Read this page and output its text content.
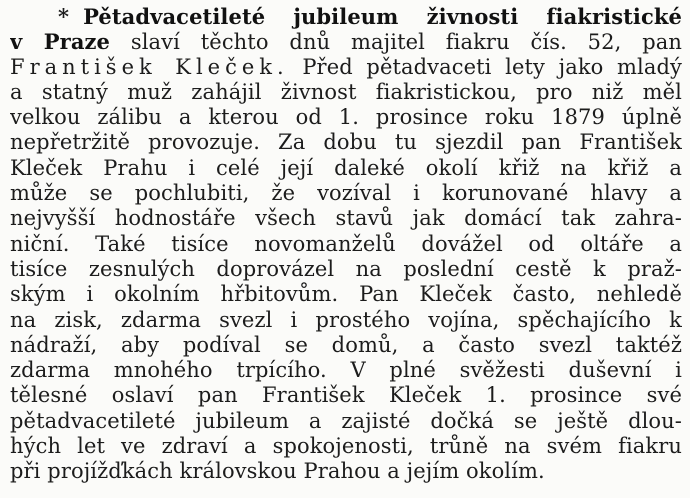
* Pětadvacetileté jubileum živnosti fiakristické
v Praze slaví těchto dnů majitel fiakru čís. 52, pan
František Kleček. Před pětadvaceti lety jako mladý
a statný muž zahájil živnost fiakristickou, pro niž měl
velkou zálibu a kterou od 1. prosince roku 1879 úplně
nepřetržitě provozuje. Za dobu tu sjezdil pan František
Kleček Prahu i celé její daleké okolí křiž na křiž a
může se pochlubiti, že vozíval i korunované hlavy a
nejvyšší hodnostáře všech stavů jak domácí tak zahra-
niční. Také tisíce novomanželů dovážel od oltáře a
tisíce zesnulých doprovázel na poslední cestě k praž-
ským i okolním hřbitovům. Pan Kleček často, nehledě
na zisk, zdarma svezl i prostého vojína, spěchajícího k
nádraží, aby podíval se domů, a často svezl taktéž
zdarma mnohého trpícího. V plné svěžesti duševní i
tělesné oslaví pan František Kleček 1. prosince své
pětadvacetileté jubileum a zajisté dočká se ještě dlou-
hých let ve zdraví a spokojenosti, trůně na svém fiakru
při projížďkách královskou Prahou a jejím okolím.
